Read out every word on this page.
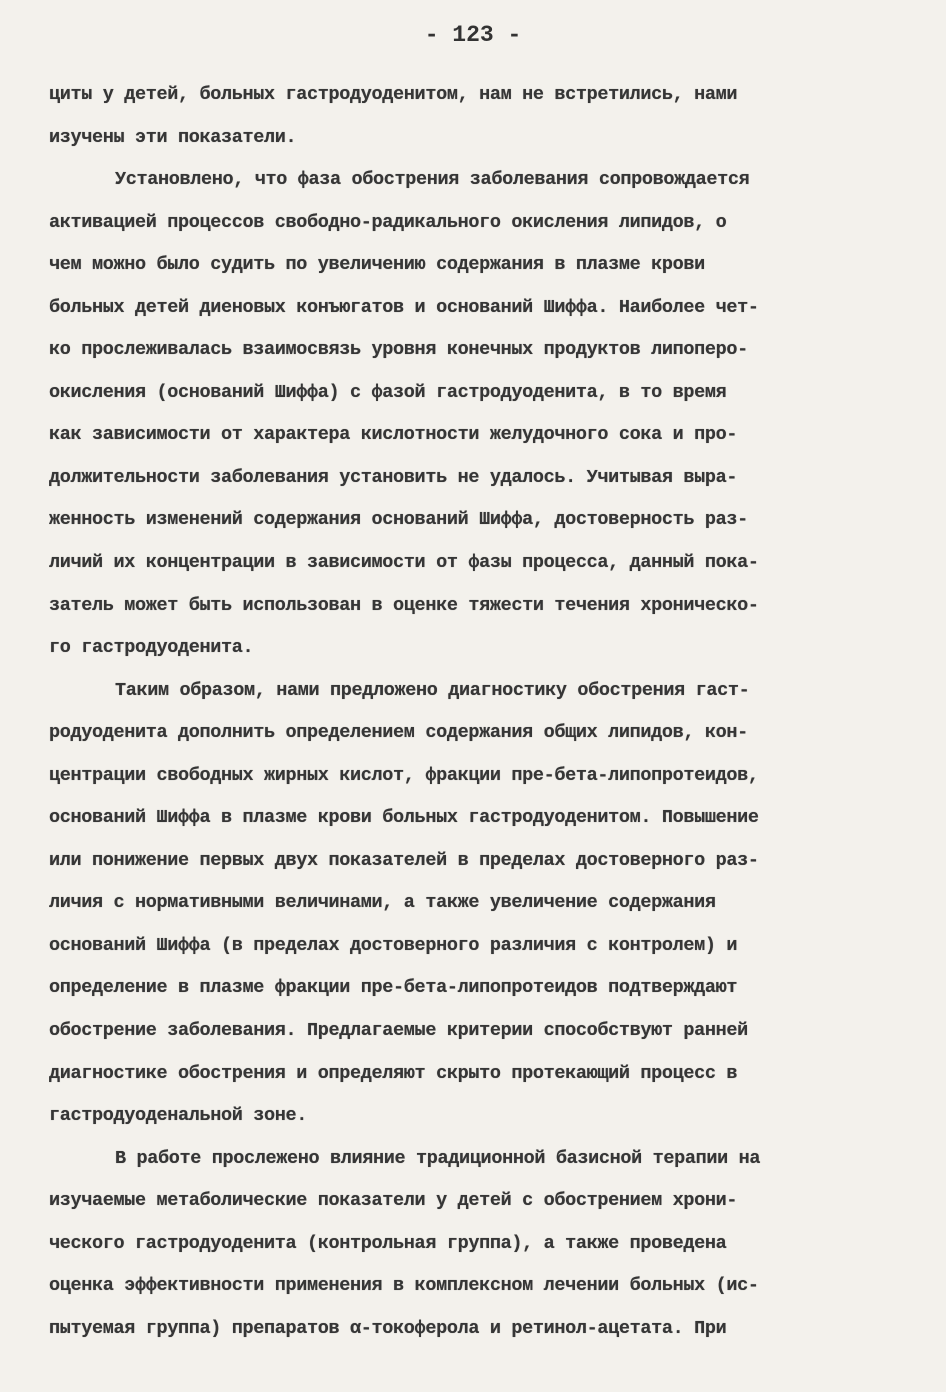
- 123 -
циты у детей, больных гастродуоденитом, нам не встретились, нами
изучены эти показатели.
Установлено, что фаза обострения заболевания сопровождается
активацией процессов свободно-радикального окисления липидов, о
чем можно было судить по увеличению содержания в плазме крови
больных детей диеновых конъюгатов и оснований Шиффа. Наиболее чет-
ко прослеживалась взаимосвязь уровня конечных продуктов липоперо-
окисления (оснований Шиффа) с фазой гастродуоденита, в то время
как зависимости от характера кислотности желудочного сока и про-
должительности заболевания установить не удалось. Учитывая выра-
женность изменений содержания оснований Шиффа, достоверность раз-
личий их концентрации в зависимости от фазы процесса, данный пока-
затель может быть использован в оценке тяжести течения хроническо-
го гастродуоденита.
Таким образом, нами предложено диагностику обострения гаст-
родуоденита дополнить определением содержания общих липидов, кон-
центрации свободных жирных кислот, фракции пре-бета-липопротеидов,
оснований Шиффа в плазме крови больных гастродуоденитом. Повышение
или понижение первых двух показателей в пределах достоверного раз-
личия с нормативными величинами, а также увеличение содержания
оснований Шиффа (в пределах достоверного различия с контролем) и
определение в плазме фракции пре-бета-липопротеидов подтверждают
обострение заболевания. Предлагаемые критерии способствуют ранней
диагностике обострения и определяют скрыто протекающий процесс в
гастродуоденальной зоне.
В работе прослежено влияние традиционной базисной терапии на
изучаемые метаболические показатели у детей с обострением хрони-
ческого гастродуоденита (контрольная группа), а также проведена
оценка эффективности применения в комплексном лечении больных (ис-
пытуемая группа) препаратов α-токоферола и ретинол-ацетата. При
